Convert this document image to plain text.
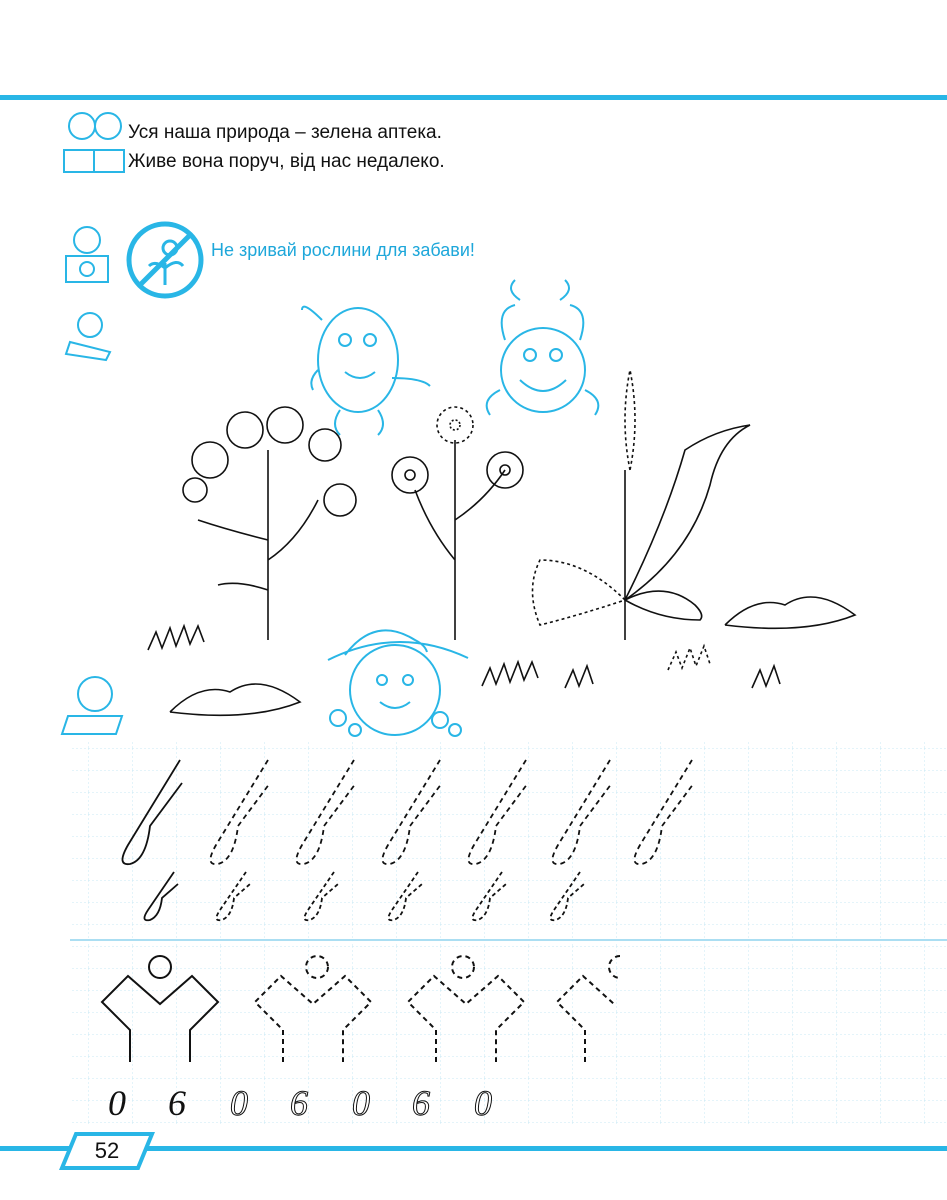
Уся наша природа – зелена аптека.
Живе вона поруч, від нас недалеко.
Не зривай рослини для забави!
0 6 0 6 0 6 0
52
